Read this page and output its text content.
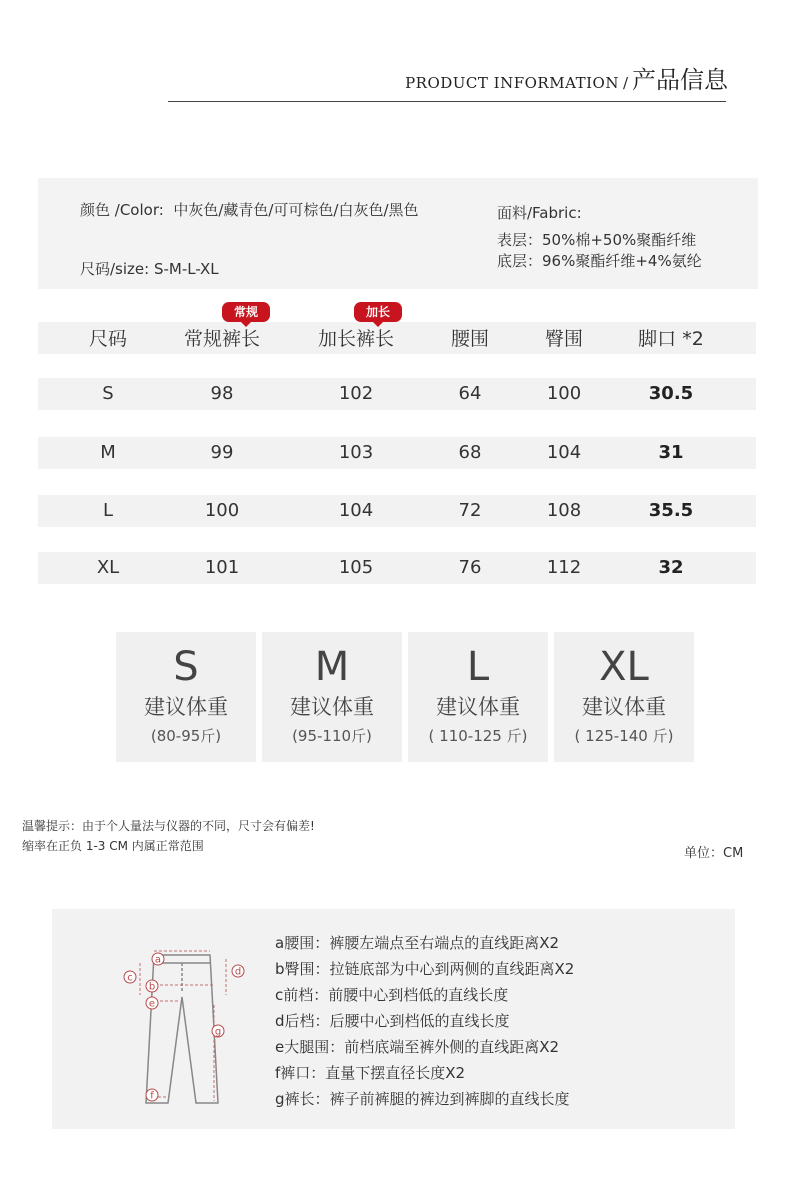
PRODUCT INFORMATION / 产品信息
颜色 /Color: 中灰色/藏青色/可可棕色/白灰色/黑色
尺码/size: S-M-L-XL
面料/Fabric:
表层：50%棉+50%聚酯纤维
底层：96%聚酯纤维+4%氨纶
常规	加长
尺码	常规裤长	加长裤长	腰围	臀围	脚口 *2
S	98	102	64	100	30.5
M	99	103	68	104	31
L	100	104	72	108	35.5
XL	101	105	76	112	32
S
建议体重
(80-95斤)
M
建议体重
(95-110斤)
L
建议体重
( 110-125 斤)
XL
建议体重
( 125-140 斤)
温馨提示：由于个人量法与仪器的不同，尺寸会有偏差!
缩率在正负 1-3 CM 内属正常范围	单位：CM
a
b
c
d
e
f
g
a腰围：裤腰左端点至右端点的直线距离X2
b臀围：拉链底部为中心到两侧的直线距离X2
c前档：前腰中心到档低的直线长度
d后档：后腰中心到档低的直线长度
e大腿围：前档底端至裤外侧的直线距离X2
f裤口：直量下摆直径长度X2
g裤长：裤子前裤腿的裤边到裤脚的直线长度
